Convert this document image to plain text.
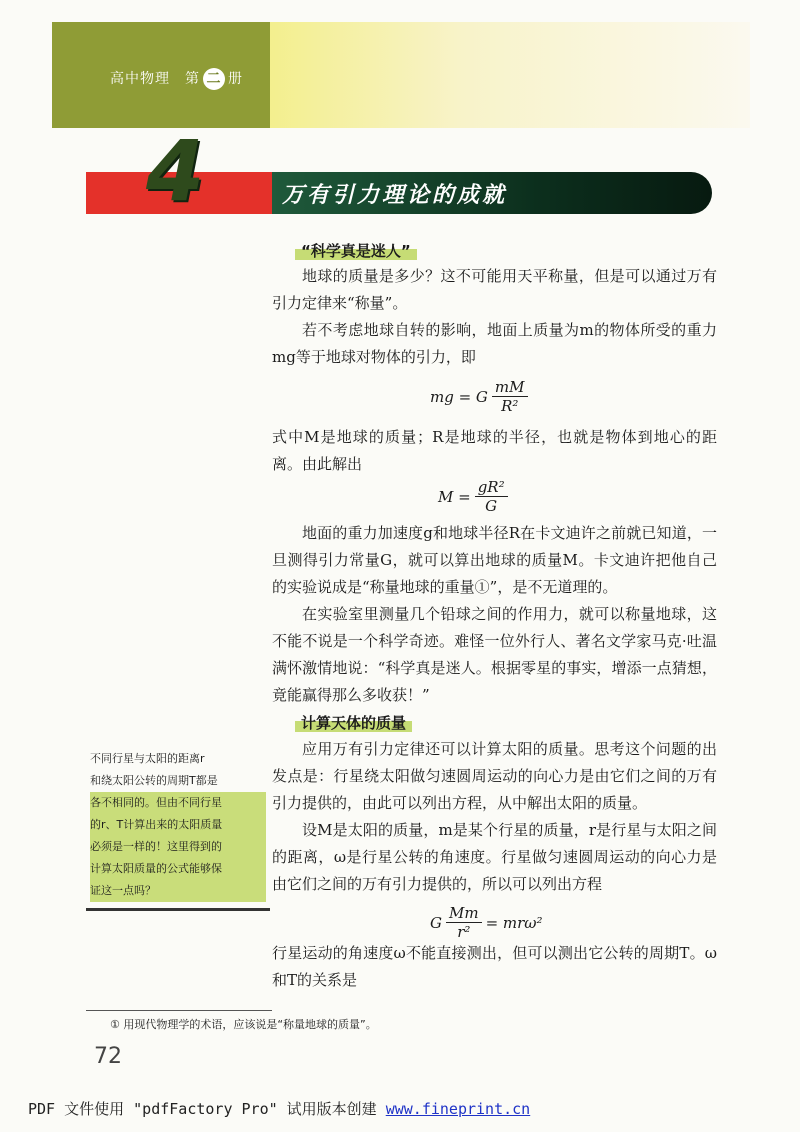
高中物理　第 二 册
4	万有引力理论的成就
“科学真是迷人”

地球的质量是多少？这不可能用天平称量，但是可以通过万有引力定律来“称量”。

若不考虑地球自转的影响，地面上质量为m的物体所受的重力mg等于地球对物体的引力，即

mg = G $\frac{mM}{\text{R²}}$

式中M是地球的质量；R是地球的半径，也就是物体到地心的距离。由此解出

$M = \frac{\text{gR²}}{G}$

地面的重力加速度g和地球半径R在卡文迪许之前就已知道，一旦测得引力常量G，就可以算出地球的质量M。卡文迪许把他自己的实验说成是“称量地球的重量①”，是不无道理的。

在实验室里测量几个铅球之间的作用力，就可以称量地球，这不能不说是一个科学奇迹。难怪一位外行人、著名文学家马克·吐温满怀激情地说：“科学真是迷人。根据零星的事实，增添一点猜想，竟能赢得那么多收获！”

计算天体的质量

应用万有引力定律还可以计算太阳的质量。思考这个问题的出发点是：行星绕太阳做匀速圆周运动的向心力是由它们之间的万有引力提供的，由此可以列出方程，从中解出太阳的质量。

设M是太阳的质量，m是某个行星的质量，r是行星与太阳之间的距离，ω是行星公转的角速度。行星做匀速圆周运动的向心力是由它们之间的万有引力提供的，所以可以列出方程

G $\frac{Mm}{\text{r²}} = mr\omega^2$

行星运动的角速度ω不能直接测出，但可以测出它公转的周期T。ω和T的关系是

不同行星与太阳的距离r
和绕太阳公转的周期T都是
各不相同的。但由不同行星
的r、T计算出来的太阳质量
必须是一样的！这里得到的
计算太阳质量的公式能够保
证这一点吗？
① 用现代物理学的术语，应该说是“称量地球的质量”。
72
PDF 文件使用 "pdfFactory Pro" 试用版本创建 www.fineprint.cn
